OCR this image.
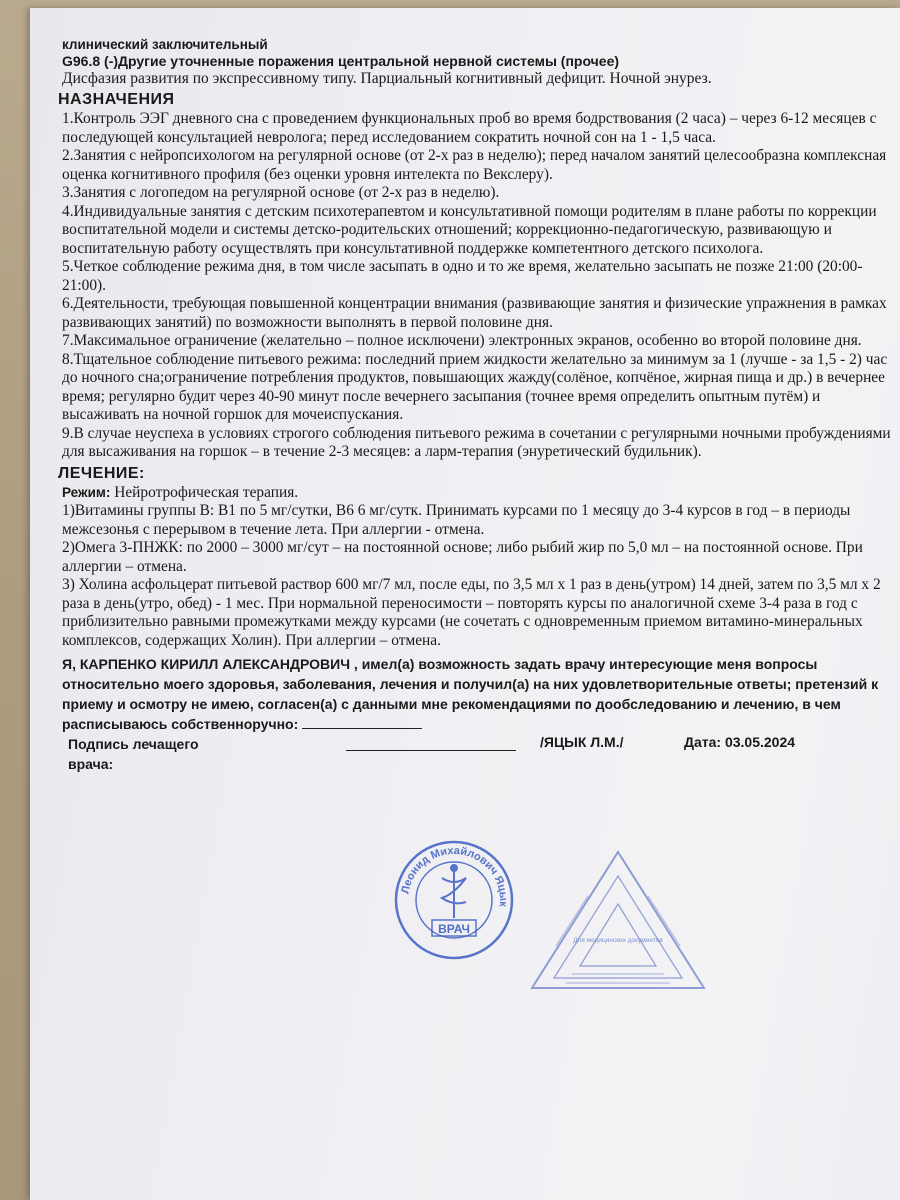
клинический заключительный
G96.8 (-)Другие уточненные поражения центральной нервной системы (прочее)
Дисфазия развития по экспрессивному типу. Парциальный когнитивный дефицит. Ночной энурез.
НАЗНАЧЕНИЯ
1.Контроль ЭЭГ дневного сна с проведением функциональных проб во время бодрствования (2 часа) – через 6-12 месяцев с последующей консультацией невролога; перед исследованием сократить ночной сон на 1 - 1,5 часа.
2.Занятия с нейропсихологом на регулярной основе (от 2-х раз в неделю); перед началом занятий целесообразна комплексная оценка когнитивного профиля (без оценки уровня интелекта по Векслеру).
3.Занятия с логопедом на регулярной основе (от 2-х раз в неделю).
4.Индивидуальные занятия с детским психотерапевтом и консультативной помощи родителям в плане работы по коррекции воспитательной модели и системы детско-родительских отношений; коррекционно-педагогическую, развивающую и воспитательную работу осуществлять при консультативной поддержке компетентного детского психолога.
5.Четкое соблюдение режима дня, в том числе засыпать в одно и то же время, желательно засыпать не позже 21:00 (20:00-21:00).
6.Деятельности, требующая повышенной концентрации внимания (развивающие занятия и физические упражнения в рамках развивающих занятий) по возможности выполнять в первой половине дня.
7.Максимальное ограничение (желательно – полное исключени) электронных экранов, особенно во второй половине дня.
8.Тщательное соблюдение питьевого режима: последний прием жидкости желательно за минимум за 1 (лучше - за 1,5 - 2) час до ночного сна;ограничение потребления продуктов, повышающих жажду(солёное, копчёное, жирная пища и др.) в вечернее время; регулярно будит через 40-90 минут после вечернего засыпания (точнее время определить опытным путём) и высаживать на ночной горшок для мочеиспускания.
9.В случае неуспеха в условиях строгого соблюдения питьевого режима в сочетании с регулярными ночными пробуждениями для высаживания на горшок – в течение 2-3 месяцев: а ларм-терапия (энуретический будильник).
ЛЕЧЕНИЕ:
Режим: Нейротрофическая терапия.
1)Витамины группы В: В1 по 5 мг/сутки, В6 6 мг/сутк. Принимать курсами по 1 месяцу до 3-4 курсов в год – в периоды межсезонья с перерывом в течение лета. При аллергии - отмена.
2)Омега 3-ПНЖК: по 2000 – 3000 мг/сут – на постоянной основе; либо рыбий жир по 5,0 мл – на постоянной основе. При аллергии – отмена.
3) Холина асфольцерат питьевой раствор 600 мг/7 мл, после еды, по 3,5 мл х 1 раз в день(утром) 14 дней, затем по 3,5 мл х 2 раза в день(утро, обед) - 1 мес. При нормальной переносимости – повторять курсы по аналогичной схеме 3-4 раза в год с приблизительно равными промежутками между курсами (не сочетать с одновременным приемом витамино-минеральных комплексов, содержащих Холин). При аллергии – отмена.
Я, КАРПЕНКО КИРИЛЛ АЛЕКСАНДРОВИЧ , имел(а) возможность задать врачу интересующие меня вопросы относительно моего здоровья, заболевания, лечения и получил(а) на них удовлетворительные ответы; претензий к приему и осмотру не имею, согласен(а) с данными мне рекомендациями по дообследованию и лечению, в чем расписываюсь собственноручно:
Подпись лечащего врача:
/ЯЦЫК Л.М./	Дата: 03.05.2024
Леонид Михайлович Яцык
ВРАЧ
Для медицинских документов
